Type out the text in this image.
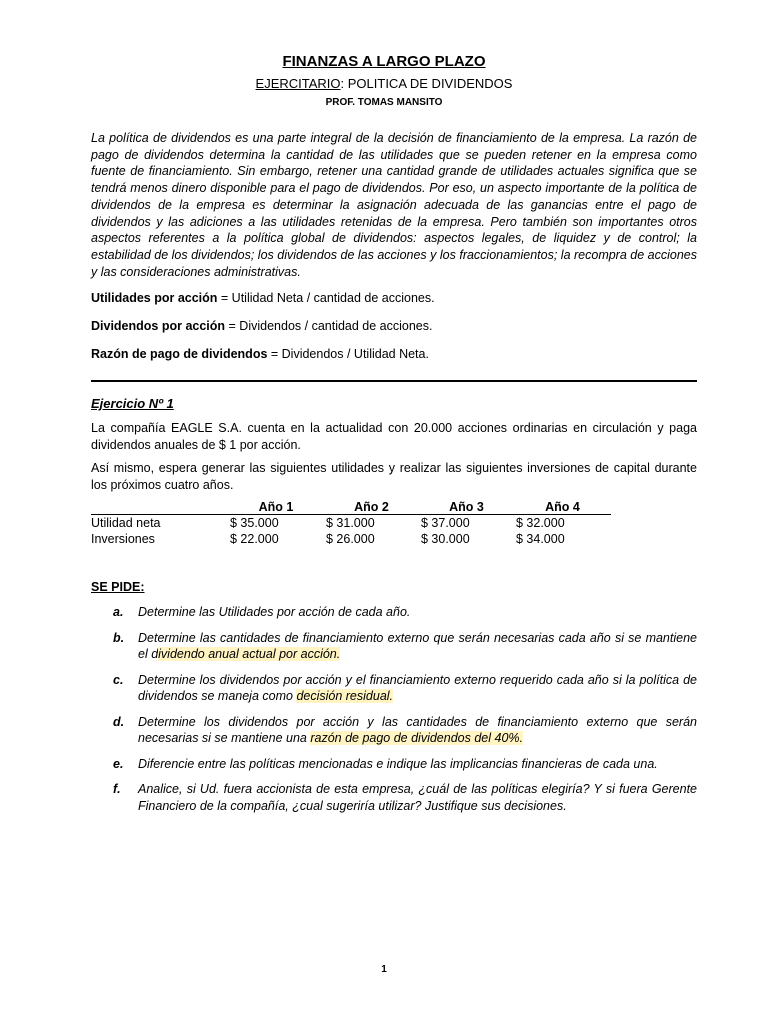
FINANZAS A LARGO PLAZO
EJERCITARIO: POLITICA DE DIVIDENDOS
PROF. TOMAS MANSITO

La política de dividendos es una parte integral de la decisión de financiamiento de la empresa. La razón de pago de dividendos determina la cantidad de las utilidades que se pueden retener en la empresa como fuente de financiamiento. Sin embargo, retener una cantidad grande de utilidades actuales significa que se tendrá menos dinero disponible para el pago de dividendos. Por eso, un aspecto importante de la política de dividendos de la empresa es determinar la asignación adecuada de las ganancias entre el pago de dividendos y las adiciones a las utilidades retenidas de la empresa. Pero también son importantes otros aspectos referentes a la política global de dividendos: aspectos legales, de liquidez y de control; la estabilidad de los dividendos; los dividendos de las acciones y los fraccionamientos; la recompra de acciones y las consideraciones administrativas.

Utilidades por acción = Utilidad Neta / cantidad de acciones.
Dividendos por acción = Dividendos / cantidad de acciones.
Razón de pago de dividendos = Dividendos / Utilidad Neta.
Ejercicio Nº 1

La compañía EAGLE S.A. cuenta en la actualidad con 20.000 acciones ordinarias en circulación y paga dividendos anuales de $ 1 por acción.

Así mismo, espera generar las siguientes utilidades y realizar las siguientes inversiones de capital durante los próximos cuatro años.

	Año 1	Año 2	Año 3	Año 4
Utilidad neta	$ 35.000	$ 31.000	$ 37.000	$ 32.000
Inversiones	$ 22.000	$ 26.000	$ 30.000	$ 34.000
SE PIDE:
a. Determine las Utilidades por acción de cada año.
b. Determine las cantidades de financiamiento externo que serán necesarias cada año si se mantiene el dividendo anual actual por acción.
c. Determine los dividendos por acción y el financiamiento externo requerido cada año si la política de dividendos se maneja como decisión residual.
d. Determine los dividendos por acción y las cantidades de financiamiento externo que serán necesarias si se mantiene una razón de pago de dividendos del 40%.
e. Diferencie entre las políticas mencionadas e indique las implicancias financieras de cada una.
f. Analice, si Ud. fuera accionista de esta empresa, ¿cuál de las políticas elegiría? Y si fuera Gerente Financiero de la compañía, ¿cual sugeriría utilizar? Justifique sus decisiones.
1
